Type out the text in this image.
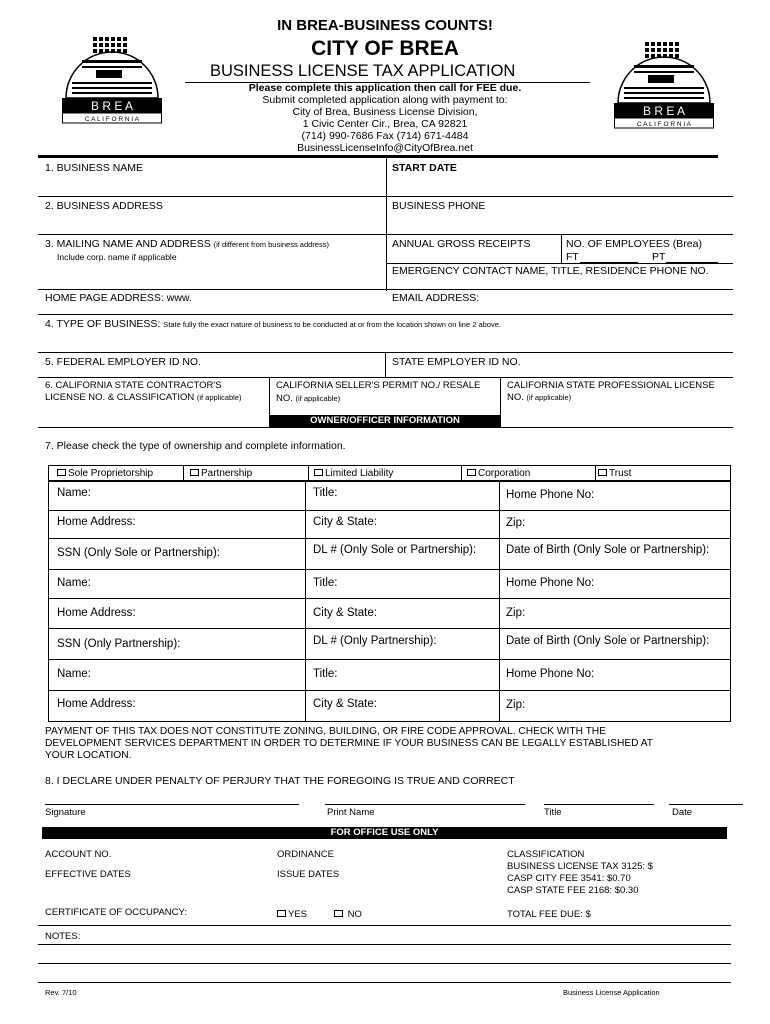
IN BREA-BUSINESS COUNTS!
CITY OF BREA
BUSINESS LICENSE TAX APPLICATION
Please complete this application then call for FEE due.
Submit completed application along with payment to:
City of Brea, Business License Division,
1 Civic Center Cir., Brea, CA 92821
(714) 990-7686 Fax (714) 671-4484
BusinessLicenseInfo@CityOfBrea.net
B R E A
C A L I F O R N I A
B R E A
C A L I F O R N I A
1. BUSINESS NAME	START DATE
2. BUSINESS ADDRESS	BUSINESS PHONE
3. MAILING NAME AND ADDRESS (if different from business address)
Include corp. name if applicable
ANNUAL GROSS RECEIPTS	NO. OF EMPLOYEES (Brea)
FT	PT
EMERGENCY CONTACT NAME, TITLE, RESIDENCE PHONE NO.
HOME PAGE ADDRESS: www.	EMAIL ADDRESS:
4. TYPE OF BUSINESS: State fully the exact nature of business to be conducted at or from the location shown on line 2 above.
5. FEDERAL EMPLOYER ID NO.	STATE EMPLOYER ID NO.
6. CALIFORNIA STATE CONTRACTOR'S
LICENSE NO. & CLASSIFICATION (if applicable)
CALIFORNIA SELLER'S PERMIT NO./ RESALE
NO. (if applicable)
CALIFORNIA STATE PROFESSIONAL LICENSE
NO. (if applicable)
OWNER/OFFICER INFORMATION
7. Please check the type of ownership and complete information.
Sole Proprietorship	Partnership	Limited Liability	Corporation	Trust
Name:	Title:	Home Phone No:
Home Address:	City & State:	Zip:
SSN (Only Sole or Partnership):	DL # (Only Sole or Partnership):	Date of Birth (Only Sole or Partnership):
Name:	Title:	Home Phone No:
Home Address:	City & State:	Zip:
SSN (Only Partnership):	DL # (Only Partnership):	Date of Birth (Only Sole or Partnership):
Name:	Title:	Home Phone No:
Home Address:	City & State:	Zip:
PAYMENT OF THIS TAX DOES NOT CONSTITUTE ZONING, BUILDING, OR FIRE CODE APPROVAL. CHECK WITH THE
DEVELOPMENT SERVICES DEPARTMENT IN ORDER TO DETERMINE IF YOUR BUSINESS CAN BE LEGALLY ESTABLISHED AT
YOUR LOCATION.
8. I DECLARE UNDER PENALTY OF PERJURY THAT THE FOREGOING IS TRUE AND CORRECT
Signature	Print Name	Title	Date
FOR OFFICE USE ONLY
ACCOUNT NO.	ORDINANCE	CLASSIFICATION
BUSINESS LICENSE TAX 3125: $
EFFECTIVE DATES	ISSUE DATES	CASP CITY FEE 3541: $0.70
CASP STATE FEE 2168: $0.30
CERTIFICATE OF OCCUPANCY:	YES	NO	TOTAL FEE DUE: $
NOTES:
Rev. 7/10	Business License Application
